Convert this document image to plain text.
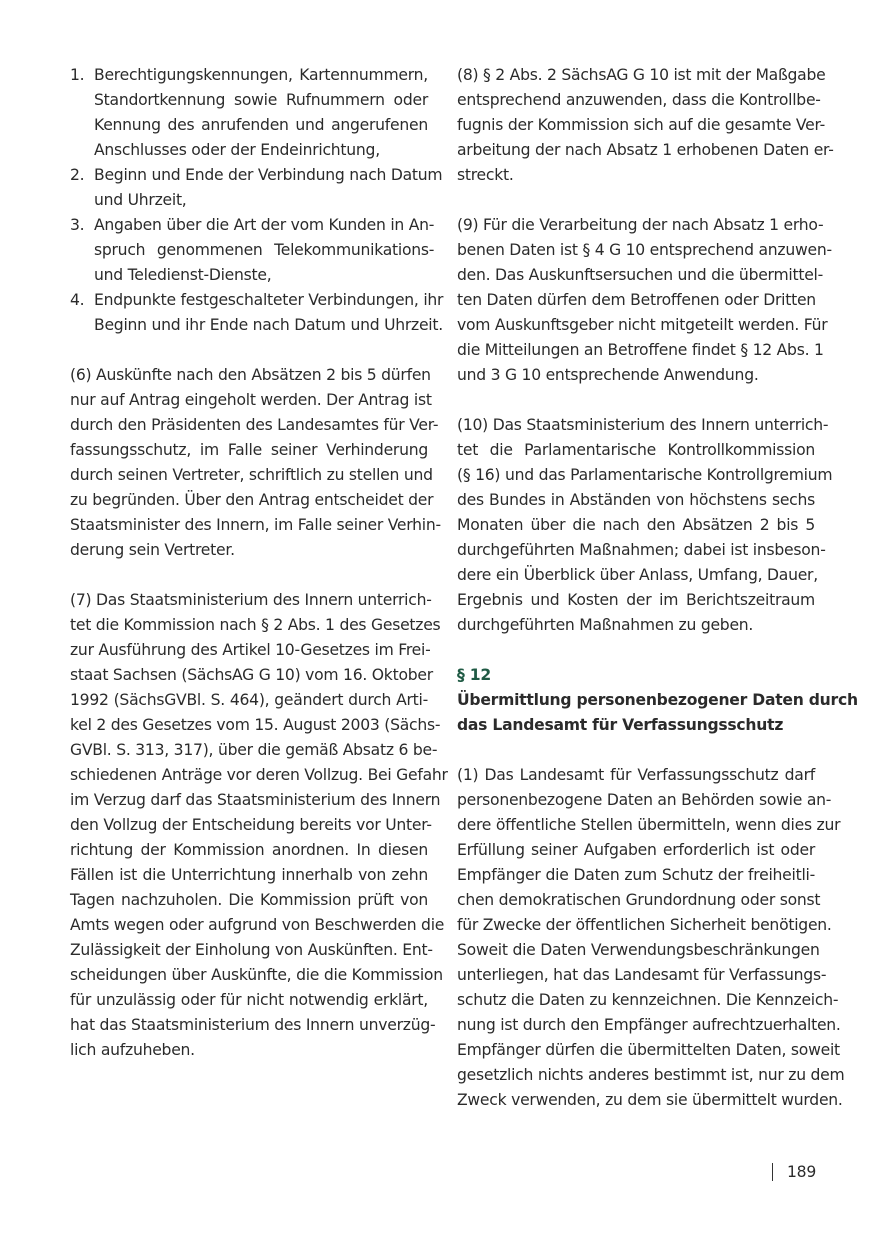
1. Berechtigungskennungen, Kartennummern,
Standortkennung sowie Rufnummern oder
Kennung des anrufenden und angerufenen
Anschlusses oder der Endeinrichtung,
2. Beginn und Ende der Verbindung nach Datum
und Uhrzeit,
3. Angaben über die Art der vom Kunden in An-
spruch genommenen Telekommunikations-
und Teledienst-Dienste,
4. Endpunkte festgeschalteter Verbindungen, ihr
Beginn und ihr Ende nach Datum und Uhrzeit.
(6) Auskünfte nach den Absätzen 2 bis 5 dürfen
nur auf Antrag eingeholt werden. Der Antrag ist
durch den Präsidenten des Landesamtes für Ver-
fassungsschutz, im Falle seiner Verhinderung
durch seinen Vertreter, schriftlich zu stellen und
zu begründen. Über den Antrag entscheidet der
Staatsminister des Innern, im Falle seiner Verhin-
derung sein Vertreter.
(7) Das Staatsministerium des Innern unterrich-
tet die Kommission nach § 2 Abs. 1 des Gesetzes
zur Ausführung des Artikel 10-Gesetzes im Frei-
staat Sachsen (SächsAG G 10) vom 16. Oktober
1992 (SächsGVBl. S. 464), geändert durch Arti-
kel 2 des Gesetzes vom 15. August 2003 (Sächs-
GVBl. S. 313, 317), über die gemäß Absatz 6 be-
schiedenen Anträge vor deren Vollzug. Bei Gefahr
im Verzug darf das Staatsministerium des Innern
den Vollzug der Entscheidung bereits vor Unter-
richtung der Kommission anordnen. In diesen
Fällen ist die Unterrichtung innerhalb von zehn
Tagen nachzuholen. Die Kommission prüft von
Amts wegen oder aufgrund von Beschwerden die
Zulässigkeit der Einholung von Auskünften. Ent-
scheidungen über Auskünfte, die die Kommission
für unzulässig oder für nicht notwendig erklärt,
hat das Staatsministerium des Innern unverzüg-
lich aufzuheben.
(8) § 2 Abs. 2 SächsAG G 10 ist mit der Maßgabe
entsprechend anzuwenden, dass die Kontrollbe-
fugnis der Kommission sich auf die gesamte Ver-
arbeitung der nach Absatz 1 erhobenen Daten er-
streckt.
(9) Für die Verarbeitung der nach Absatz 1 erho-
benen Daten ist § 4 G 10 entsprechend anzuwen-
den. Das Auskunftsersuchen und die übermittel-
ten Daten dürfen dem Betroffenen oder Dritten
vom Auskunftsgeber nicht mitgeteilt werden. Für
die Mitteilungen an Betroffene findet § 12 Abs. 1
und 3 G 10 entsprechende Anwendung.
(10) Das Staatsministerium des Innern unterrich-
tet die Parlamentarische Kontrollkommission
(§ 16) und das Parlamentarische Kontrollgremium
des Bundes in Abständen von höchstens sechs
Monaten über die nach den Absätzen 2 bis 5
durchgeführten Maßnahmen; dabei ist insbeson-
dere ein Überblick über Anlass, Umfang, Dauer,
Ergebnis und Kosten der im Berichtszeitraum
durchgeführten Maßnahmen zu geben.
§ 12
Übermittlung personenbezogener Daten durch
das Landesamt für Verfassungsschutz
(1) Das Landesamt für Verfassungsschutz darf
personenbezogene Daten an Behörden sowie an-
dere öffentliche Stellen übermitteln, wenn dies zur
Erfüllung seiner Aufgaben erforderlich ist oder
Empfänger die Daten zum Schutz der freiheitli-
chen demokratischen Grundordnung oder sonst
für Zwecke der öffentlichen Sicherheit benötigen.
Soweit die Daten Verwendungsbeschränkungen
unterliegen, hat das Landesamt für Verfassungs-
schutz die Daten zu kennzeichnen. Die Kennzeich-
nung ist durch den Empfänger aufrechtzuerhalten.
Empfänger dürfen die übermittelten Daten, soweit
gesetzlich nichts anderes bestimmt ist, nur zu dem
Zweck verwenden, zu dem sie übermittelt wurden.
189
